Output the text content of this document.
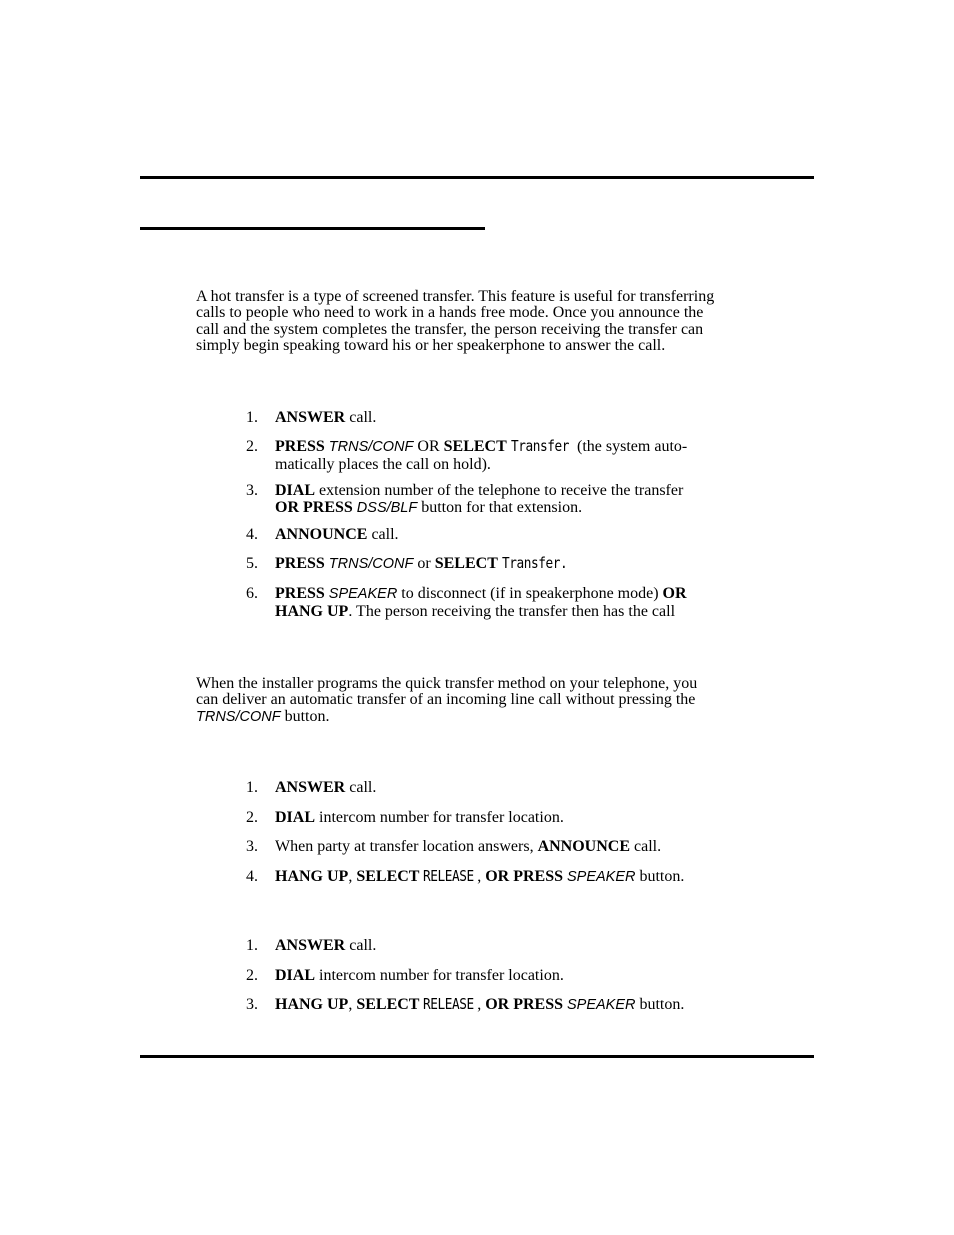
A hot transfer is a type of screened transfer. This feature is useful for transferring
calls to people who need to work in a hands free mode. Once you announce the
call and the system completes the transfer, the person receiving the transfer can
simply begin speaking toward his or her speakerphone to answer the call.
1.	ANSWER call.
2.	PRESS TRNS/CONF OR SELECT Transfer (the system auto-
matically places the call on hold).
3.	DIAL extension number of the telephone to receive the transfer
OR PRESS DSS/BLF button for that extension.
4.	ANNOUNCE call.
5.	PRESS TRNS/CONF or SELECT Transfer.
6.	PRESS SPEAKER to disconnect (if in speakerphone mode) OR
HANG UP. The person receiving the transfer then has the call
When the installer programs the quick transfer method on your telephone, you
can deliver an automatic transfer of an incoming line call without pressing the
TRNS/CONF button.
1.	ANSWER call.
2.	DIAL intercom number for transfer location.
3.	When party at transfer location answers, ANNOUNCE call.
4.	HANG UP, SELECT RELEASE , OR PRESS SPEAKER button.
1.	ANSWER call.
2.	DIAL intercom number for transfer location.
3.	HANG UP, SELECT RELEASE , OR PRESS SPEAKER button.
